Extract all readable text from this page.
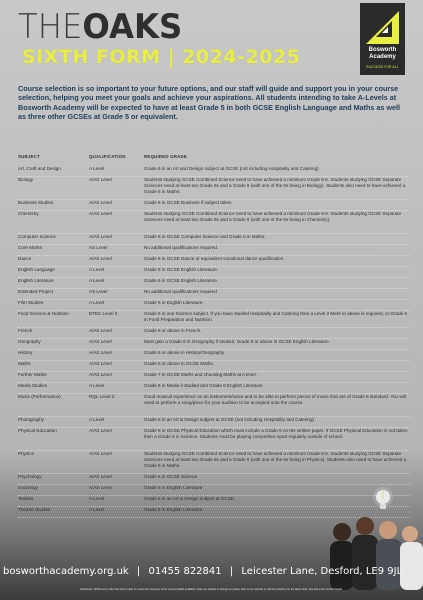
THEOAKS
SIXTH FORM | 2024-2025	Bosworth
Academy
SUCCESS FOR ALL

Course selection is so important to your future options, and our staff will guide and support you in your course selection, helping you meet your goals and achieve your aspirations. All students intending to take A-Levels at Bosworth Academy will be expected to have at least Grade 5 in both GCSE English Language and Maths as well as three other GCSEs at Grade 5 or equivalent.

SUBJECT	QUALIFICATION	REQUIRED GRADE
Art, Craft and Design	A Level	Grade 6 in an Art and Design subject at GCSE (not including Hospitality and Catering)
Biology	A/AS Level	Students studying GCSE Combined Science need to have achieved a minimum Grade 6-6. Students studying GCSE Separate Sciences need at least two Grade 6s and a Grade 6 (with one of the 6s being in Biology). Students also need to have achieved a Grade 6 in Maths.
Business Studies	A/AS Level	Grade 6 in GCSE Business if subject taken
Chemistry	A/AS Level	Students studying GCSE Combined Science need to have achieved a minimum Grade 6-6. Students studying GCSE Separate Sciences need at least two Grade 6s and a Grade 6 (with one of the 6s being in Chemistry).
Computer Science	A/AS Level	Grade 6 in GCSE Computer Science and Grade 6 in Maths.
Core Maths	AS Level	No additional qualifications required.
Dance	A/AS Level	Grade 6 in GCSE Dance or equivalent vocational dance qualification.
English Language	A Level	Grade 6 in GCSE English Literature.
English Literature	A Level	Grade 6 in GCSE English Literature.
Extended Project	AS Level	No additional qualifications required
Film Studies	A Level	Grade 6 in English Literature.
Food Science & Nutrition	BTEC Level 3	Grade 6 in one Science subject. If you have studied Hospitality and Catering then a Level 2 Merit or above is required, or Grade 6 in Food Preparation and Nutrition.
French	A/AS Level	Grade 6 or above in French.
Geography	A/AS Level	Must gain a Grade 6 in Geography if studied. Grade 6 or above in GCSE English Literature
History	A/AS Level	Grade 6 or above in History/Geography
Maths	A/AS Level	Grade 6 or above in GCSE Maths.
Further Maths	A/AS Level	Grade 7 in GCSE Maths and choosing Maths at A level.
Media Studies	A Level	Grade 6 in Media if studied and Grade 6 English Literature
Music (Performance)	RQL Level 3	Good musical experience on an instrument/voice and to be able to perform pieces of music that are of Grade 6 standard. You will need to perform a song/piece for your audition to be accepted onto the course.
Photography	A Level	Grade 6 in an Art & Design subject at GCSE (not including Hospitality and Catering)
Physical Education	A/AS Level	Grade 6 in GCSE Physical Education which must include a Grade 6 on the written paper. If GCSE Physical Education is not taken then a Grade 6 in Science. Students must be playing competitive sport regularly outside of school.
Physics	A/AS Level	Students studying GCSE Combined Science need to have achieved a minimum Grade 6-6. Students studying GCSE Separate Sciences need at least two Grade 6s and a Grade 6 (with one of the 6s being in Physics). Students also need to have achieved a Grade 6 in Maths.
Psychology	A/AS Level	Grade 6 in GCSE Science
Sociology	A/AS Level	Grade 6 in English Literature
Textiles	A Level	Grade 6 in an Art & Design subject at GCSE.
Theatre Studies	A Level	Grade 6 in English Literature.
bosworthacademy.org.uk | 01455 822841 | Leicester Lane, Desford, LE9 9JL
Disclaimer: Whilst every effort has been made to ensure the accuracy of the course details available, these are subject to change so please refer to our website or call the Academy for the latest data. See above for contact details.
